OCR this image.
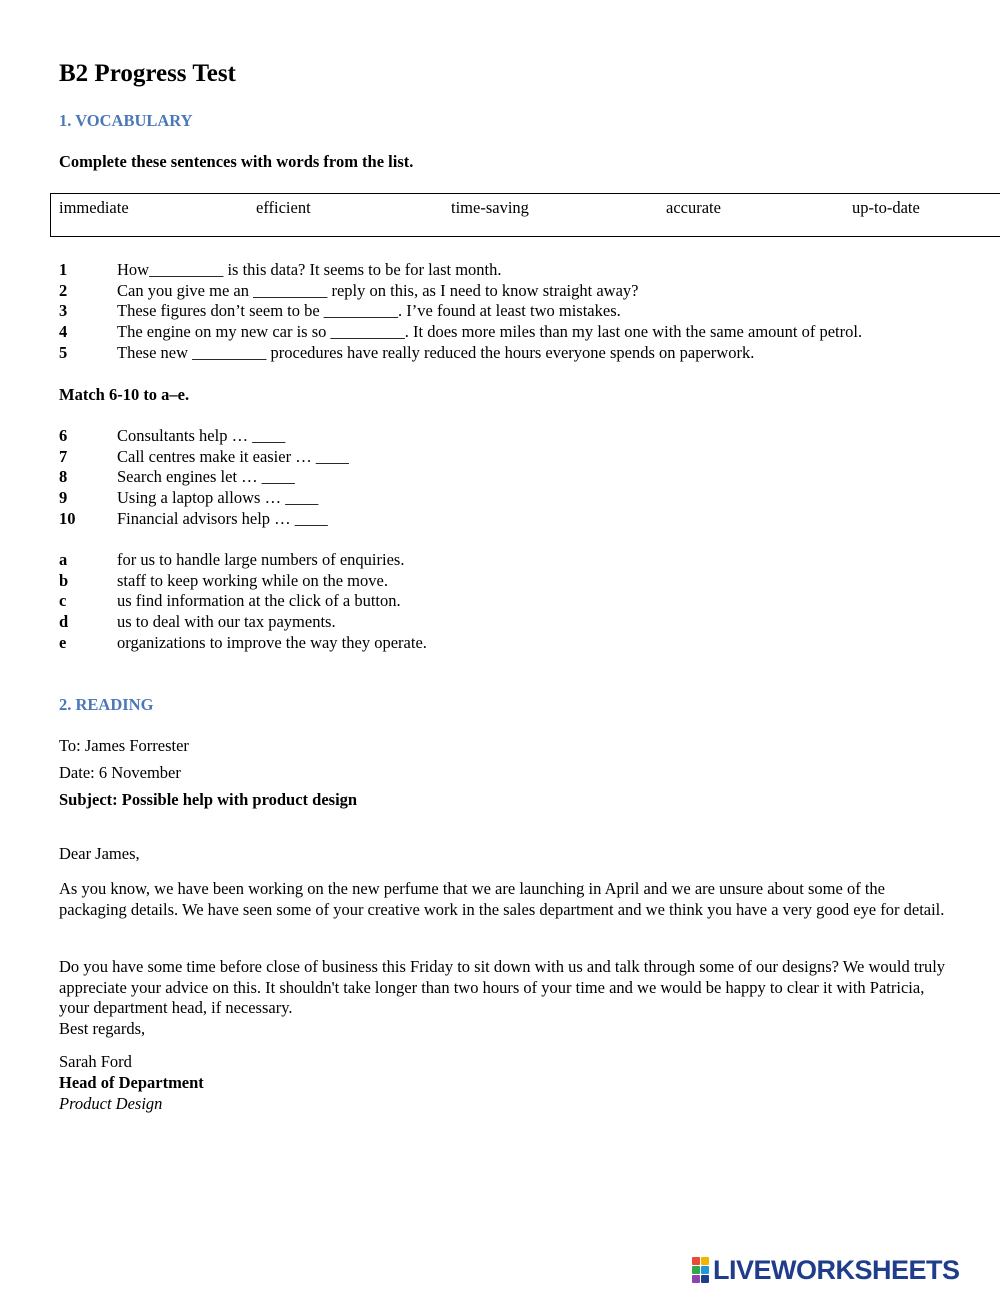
B2 Progress Test
1. VOCABULARY
Complete these sentences with words from the list.
immediate	efficient	time-saving	accurate	up-to-date
1	How_________ is this data? It seems to be for last month.
2	Can you give me an _________ reply on this, as I need to know straight away?
3	These figures don’t seem to be _________. I’ve found at least two mistakes.
4	The engine on my new car is so _________. It does more miles than my last one with the same amount of petrol.
5	These new _________ procedures have really reduced the hours everyone spends on paperwork.
Match 6-10 to a–e.
6	Consultants help … ____
7	Call centres make it easier … ____
8	Search engines let … ____
9	Using a laptop allows … ____
10	Financial advisors help … ____
a	for us to handle large numbers of enquiries.
b	staff to keep working while on the move.
c	us find information at the click of a button.
d	us to deal with our tax payments.
e	organizations to improve the way they operate.
2. READING
To: James Forrester
Date: 6 November
Subject: Possible help with product design
Dear James,
As you know, we have been working on the new perfume that we are launching in April and we are unsure about some of the packaging details. We have seen some of your creative work in the sales department and we think you have a very good eye for detail.
Do you have some time before close of business this Friday to sit down with us and talk through some of our designs? We would truly appreciate your advice on this. It shouldn't take longer than two hours of your time and we would be happy to clear it with Patricia, your department head, if necessary.
Best regards,
Sarah Ford
Head of Department
Product Design
LIVEWORKSHEETS
